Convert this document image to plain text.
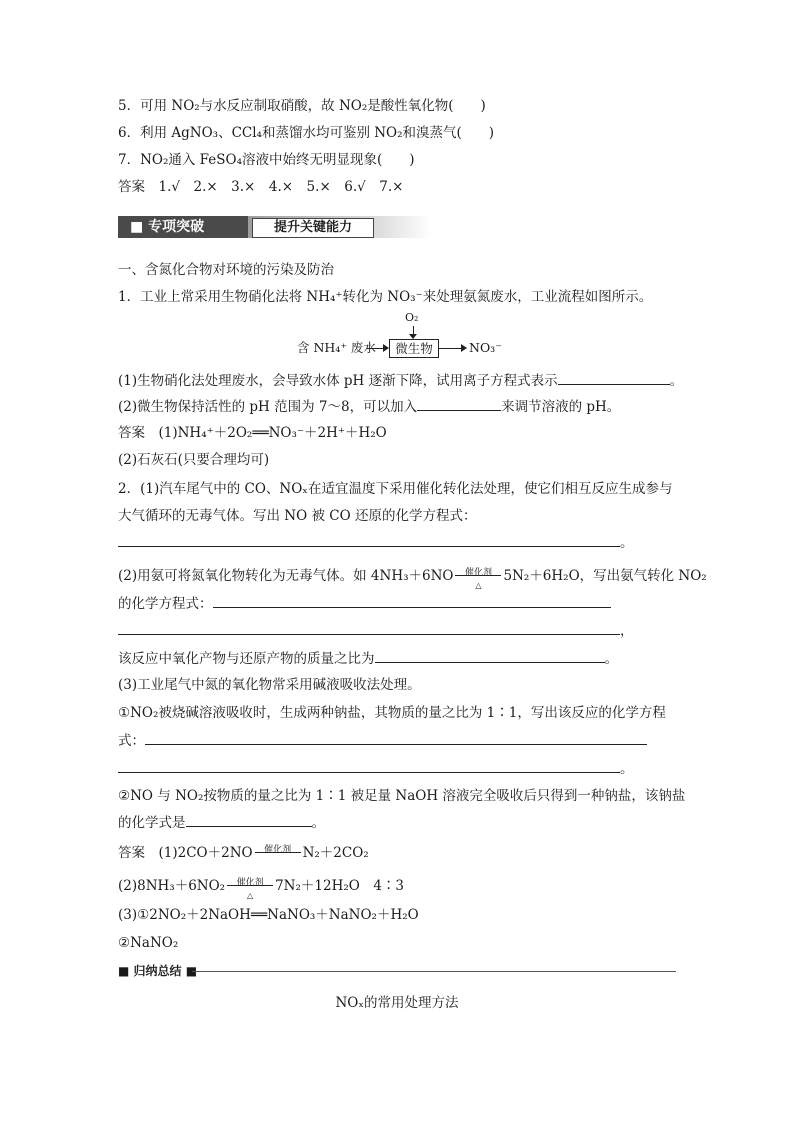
5．可用 NO₂与水反应制取硝酸，故 NO₂是酸性氧化物(　　)
6．利用 AgNO₃、CCl₄和蒸馏水均可鉴别 NO₂和溴蒸气(　　)
7．NO₂通入 FeSO₄溶液中始终无明显现象(　　)
答案　1.√　2.×　3.×　4.×　5.×　6.√　7.×
■ 专项突破	提升关键能力
一、含氮化合物对环境的污染及防治
1．工业上常采用生物硝化法将 NH₄⁺转化为 NO₃⁻来处理氨氮废水，工业流程如图所示。
O₂
含 NH₄⁺ 废水	微生物	NO₃⁻
(1)生物硝化法处理废水，会导致水体 pH 逐渐下降，试用离子方程式表示	。
(2)微生物保持活性的 pH 范围为 7～8，可以加入	来调节溶液的 pH。
答案　(1)NH₄⁺＋2O₂══NO₃⁻＋2H⁺＋H₂O
(2)石灰石(只要合理均可)
2．(1)汽车尾气中的 CO、NOₓ在适宜温度下采用催化转化法处理，使它们相互反应生成参与
大气循环的无毒气体。写出 NO 被 CO 还原的化学方程式：
。
(2)用氨可将氮氧化物转化为无毒气体。如 4NH₃＋6NO	催化剂
△
5N₂＋6H₂O，写出氨气转化 NO₂
的化学方程式：
，
该反应中氧化产物与还原产物的质量之比为	。
(3)工业尾气中氮的氧化物常采用碱液吸收法处理。
①NO₂被烧碱溶液吸收时，生成两种钠盐，其物质的量之比为 1∶1，写出该反应的化学方程
式：
。
②NO 与 NO₂按物质的量之比为 1∶1 被足量 NaOH 溶液完全吸收后只得到一种钠盐，该钠盐
的化学式是	。
答案　(1)2CO＋2NO	催化剂 N₂＋2CO₂
(2)8NH₃＋6NO₂	催化剂
△
7N₂＋12H₂O　4∶3
(3)①2NO₂＋2NaOH══NaNO₃＋NaNO₂＋H₂O
②NaNO₂
■ 归纳总结 ■
NOₓ的常用处理方法
